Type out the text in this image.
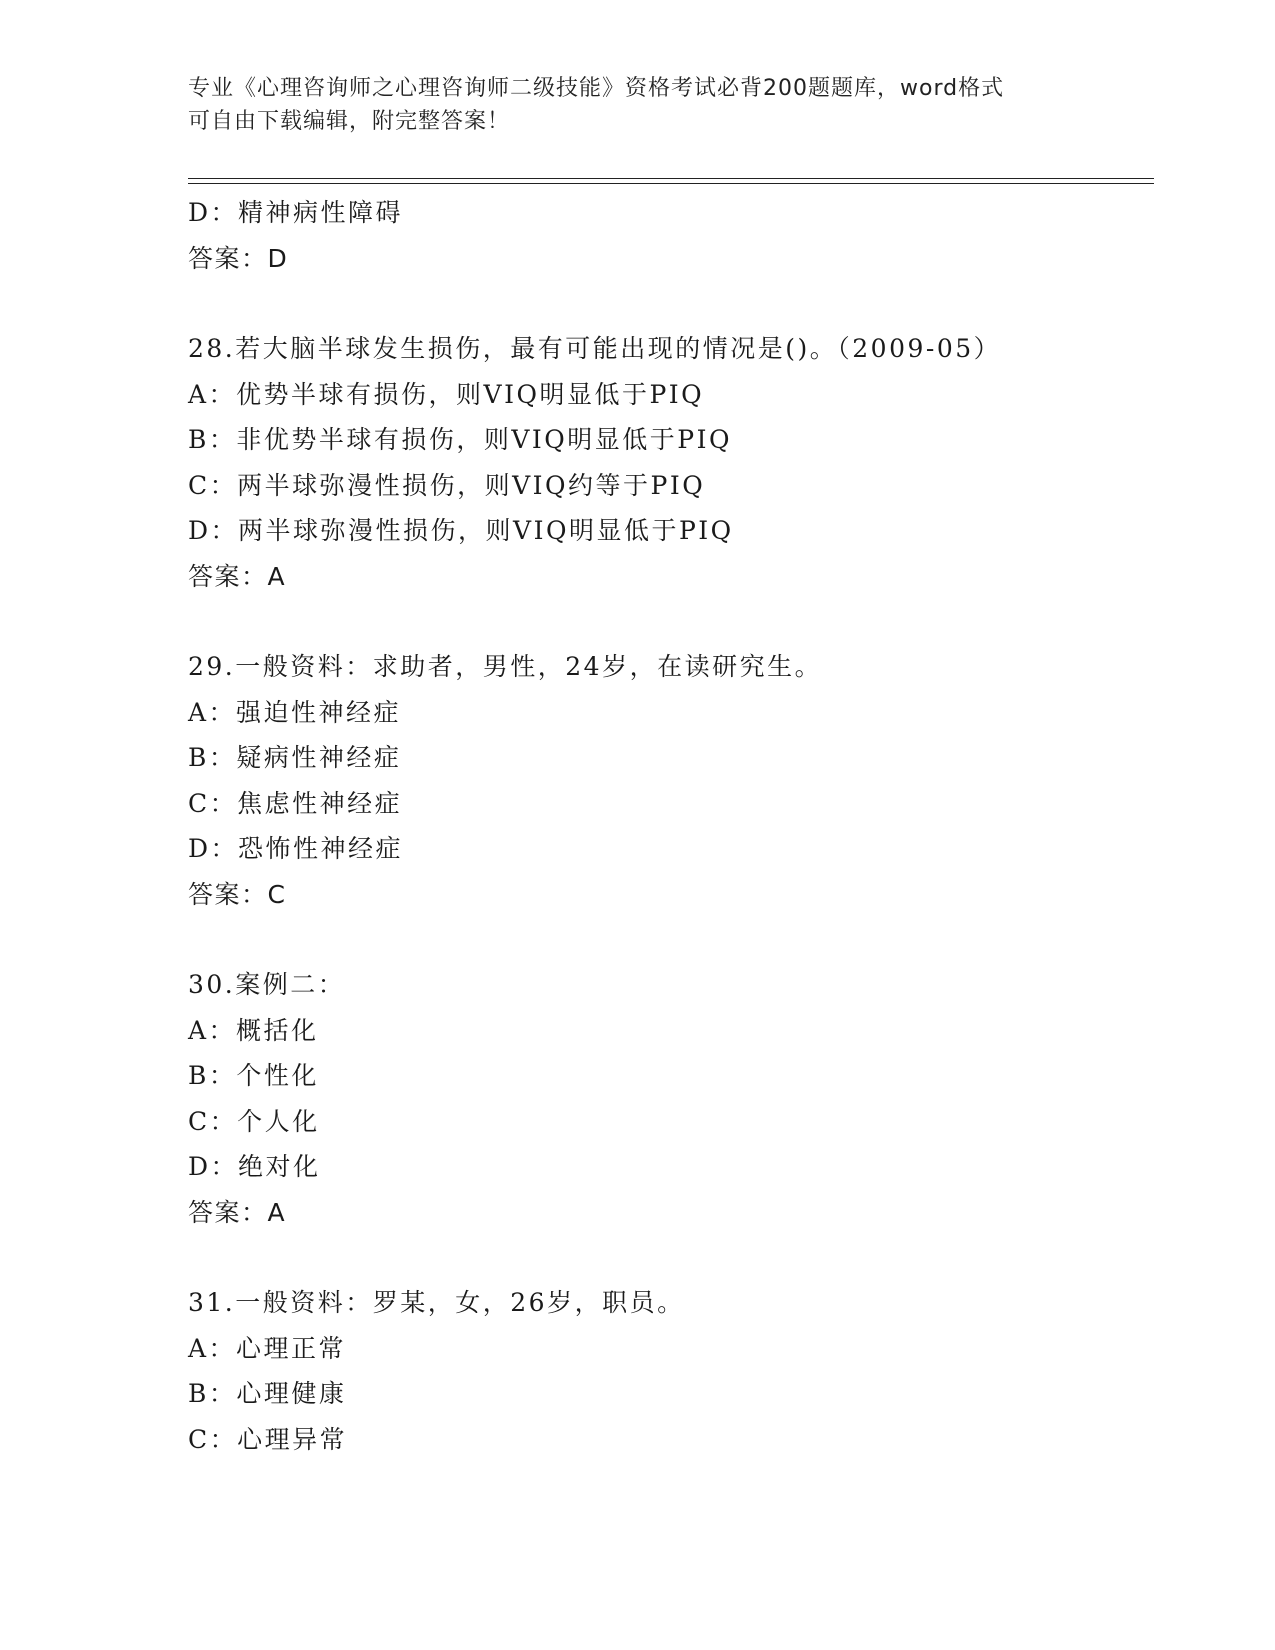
专业《心理咨询师之心理咨询师二级技能》资格考试必背200题题库，word格式
可自由下载编辑，附完整答案！
D：精神病性障碍
答案：D
28.若大脑半球发生损伤，最有可能出现的情况是()。（2009-05）
A：优势半球有损伤，则VIQ明显低于PIQ
B：非优势半球有损伤，则VIQ明显低于PIQ
C：两半球弥漫性损伤，则VIQ约等于PIQ
D：两半球弥漫性损伤，则VIQ明显低于PIQ
答案：A
29.一般资料：求助者，男性，24岁，在读研究生。
A：强迫性神经症
B：疑病性神经症
C：焦虑性神经症
D：恐怖性神经症
答案：C
30.案例二：
A：概括化
B：个性化
C：个人化
D：绝对化
答案：A
31.一般资料：罗某，女，26岁，职员。
A：心理正常
B：心理健康
C：心理异常
